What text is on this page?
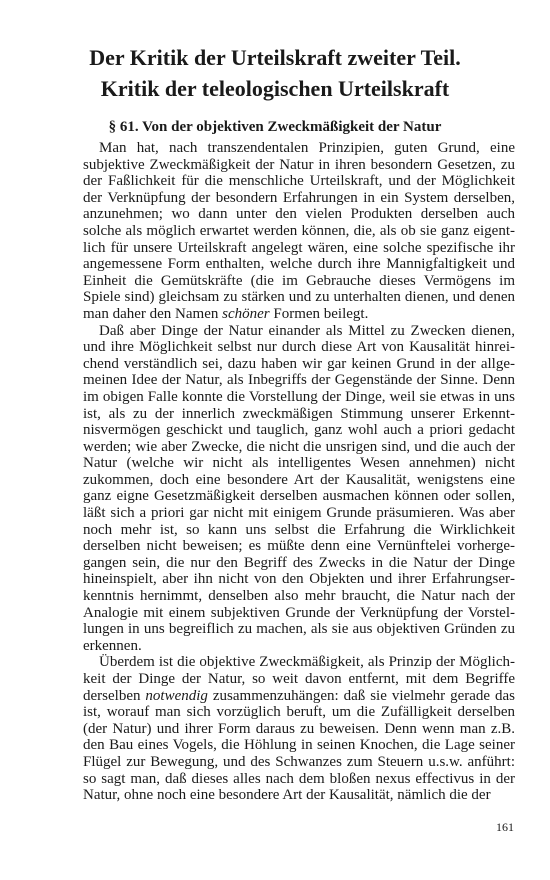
Der Kritik der Urteilskraft zweiter Teil.
Kritik der teleologischen Urteilskraft
§ 61. Von der objektiven Zweckmäßigkeit der Natur

Man hat, nach transzendentalen Prinzipien, guten Grund, eine subjektive Zweckmäßigkeit der Natur in ihren besondern Gesetzen, zu der Faßlichkeit für die menschliche Urteilskraft, und der Möglichkeit der Verknüpfung der besondern Erfahrungen in ein System derselben, anzunehmen; wo dann unter den vielen Produkten derselben auch solche als möglich erwartet werden können, die, als ob sie ganz eigentlich für unsere Urteilskraft angelegt wären, eine solche spezifische ihr angemessene Form enthalten, welche durch ihre Mannigfaltigkeit und Einheit die Gemütskräfte (die im Gebrauche dieses Vermögens im Spiele sind) gleichsam zu stärken und zu unterhalten dienen, und denen man daher den Namen schöner Formen beilegt.

Daß aber Dinge der Natur einander als Mittel zu Zwecken dienen, und ihre Möglichkeit selbst nur durch diese Art von Kausalität hinreichend verständlich sei, dazu haben wir gar keinen Grund in der allgemeinen Idee der Natur, als Inbegriffs der Gegenstände der Sinne. Denn im obigen Falle konnte die Vorstellung der Dinge, weil sie etwas in uns ist, als zu der innerlich zweckmäßigen Stimmung unserer Erkenntnisvermögen geschickt und tauglich, ganz wohl auch a priori gedacht werden; wie aber Zwecke, die nicht die unsrigen sind, und die auch der Natur (welche wir nicht als intelligentes Wesen annehmen) nicht zukommen, doch eine besondere Art der Kausalität, wenigstens eine ganz eigne Gesetzmäßigkeit derselben ausmachen können oder sollen, läßt sich a priori gar nicht mit einigem Grunde präsumieren. Was aber noch mehr ist, so kann uns selbst die Erfahrung die Wirklichkeit derselben nicht beweisen; es müßte denn eine Vernünftelei vorhergegangen sein, die nur den Begriff des Zwecks in die Natur der Dinge hineinspielt, aber ihn nicht von den Objekten und ihrer Erfahrungserkenntnis hernimmt, denselben also mehr braucht, die Natur nach der Analogie mit einem subjektiven Grunde der Verknüpfung der Vorstellungen in uns begreiflich zu machen, als sie aus objektiven Gründen zu erkennen.

Überdem ist die objektive Zweckmäßigkeit, als Prinzip der Möglichkeit der Dinge der Natur, so weit davon entfernt, mit dem Begriffe derselben notwendig zusammenzuhängen: daß sie vielmehr gerade das ist, worauf man sich vorzüglich beruft, um die Zufälligkeit derselben (der Natur) und ihrer Form daraus zu beweisen. Denn wenn man z.B. den Bau eines Vogels, die Höhlung in seinen Knochen, die Lage seiner Flügel zur Bewegung, und des Schwanzes zum Steuern u.s.w. anführt: so sagt man, daß dieses alles nach dem bloßen nexus effectivus in der Natur, ohne noch eine besondere Art der Kausalität, nämlich die der

161
